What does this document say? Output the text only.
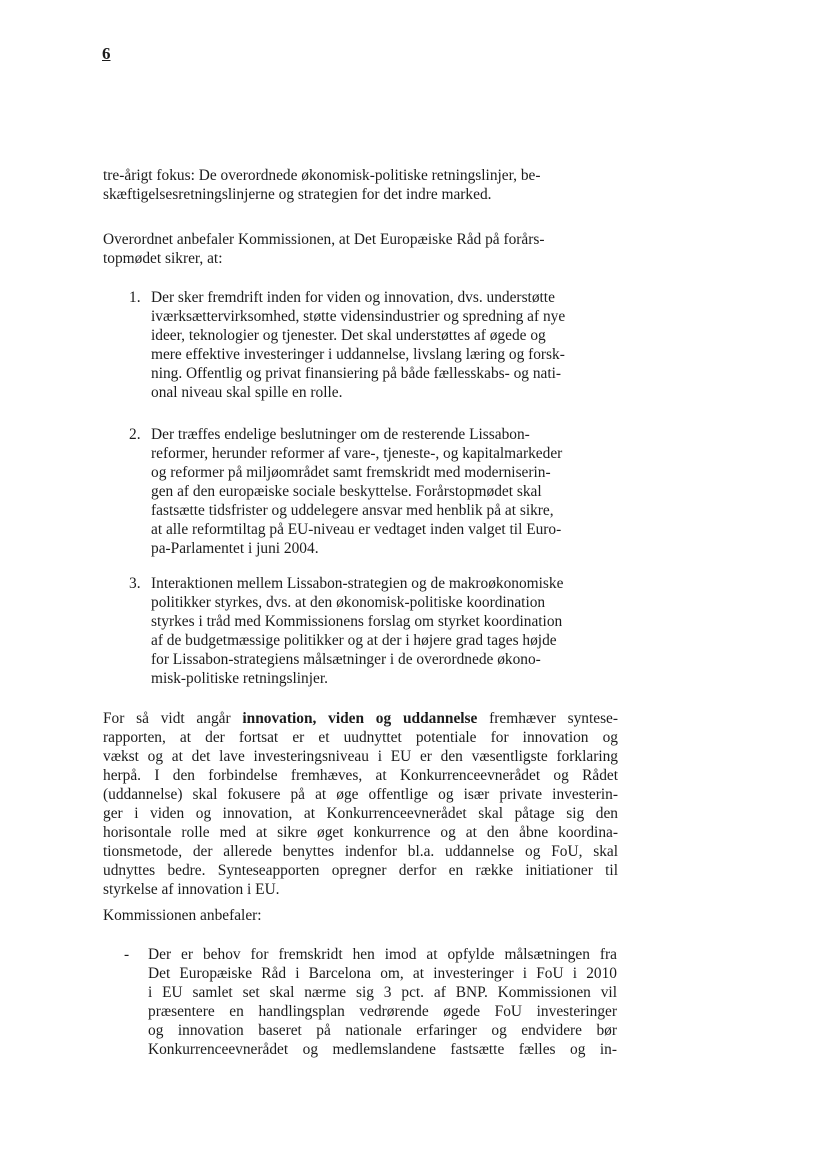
6
tre-årigt fokus: De overordnede økonomisk-politiske retningslinjer, be-
skæftigelsesretningslinjerne og strategien for det indre marked.
Overordnet anbefaler Kommissionen, at Det Europæiske Råd på forårs-
topmødet sikrer, at:
1. Der sker fremdrift inden for viden og innovation, dvs. understøtte
iværksættervirksomhed, støtte vidensindustrier og spredning af nye
ideer, teknologier og tjenester. Det skal understøttes af øgede og
mere effektive investeringer i uddannelse, livslang læring og forsk-
ning. Offentlig og privat finansiering på både fællesskabs- og nati-
onal niveau skal spille en rolle.
2. Der træffes endelige beslutninger om de resterende Lissabon-
reformer, herunder reformer af vare-, tjeneste-, og kapitalmarkeder
og reformer på miljøområdet samt fremskridt med moderniserin-
gen af den europæiske sociale beskyttelse. Forårstopmødet skal
fastsætte tidsfrister og uddelegere ansvar med henblik på at sikre,
at alle reformtiltag på EU-niveau er vedtaget inden valget til Euro-
pa-Parlamentet i juni 2004.
3. Interaktionen mellem Lissabon-strategien og de makroøkonomiske
politikker styrkes, dvs. at den økonomisk-politiske koordination
styrkes i tråd med Kommissionens forslag om styrket koordination
af de budgetmæssige politikker og at der i højere grad tages højde
for Lissabon-strategiens målsætninger i de overordnede økono-
misk-politiske retningslinjer.
For så vidt angår innovation, viden og uddannelse fremhæver syntese-
rapporten, at der fortsat er et uudnyttet potentiale for innovation og
vækst og at det lave investeringsniveau i EU er den væsentligste forklaring
herpå. I den forbindelse fremhæves, at Konkurrenceevnerådet og Rådet
(uddannelse) skal fokusere på at øge offentlige og især private investerin-
ger i viden og innovation, at Konkurrenceevnerådet skal påtage sig den
horisontale rolle med at sikre øget konkurrence og at den åbne koordina-
tionsmetode, der allerede benyttes indenfor bl.a. uddannelse og FoU, skal
udnyttes bedre. Synteseapporten opregner derfor en række initiationer til
styrkelse af innovation i EU.
Kommissionen anbefaler:
- Der er behov for fremskridt hen imod at opfylde målsætningen fra
Det Europæiske Råd i Barcelona om, at investeringer i FoU i 2010
i EU samlet set skal nærme sig 3 pct. af BNP. Kommissionen vil
præsentere en handlingsplan vedrørende øgede FoU investeringer
og innovation baseret på nationale erfaringer og endvidere bør
Konkurrenceevnerådet og medlemslandene fastsætte fælles og in-
